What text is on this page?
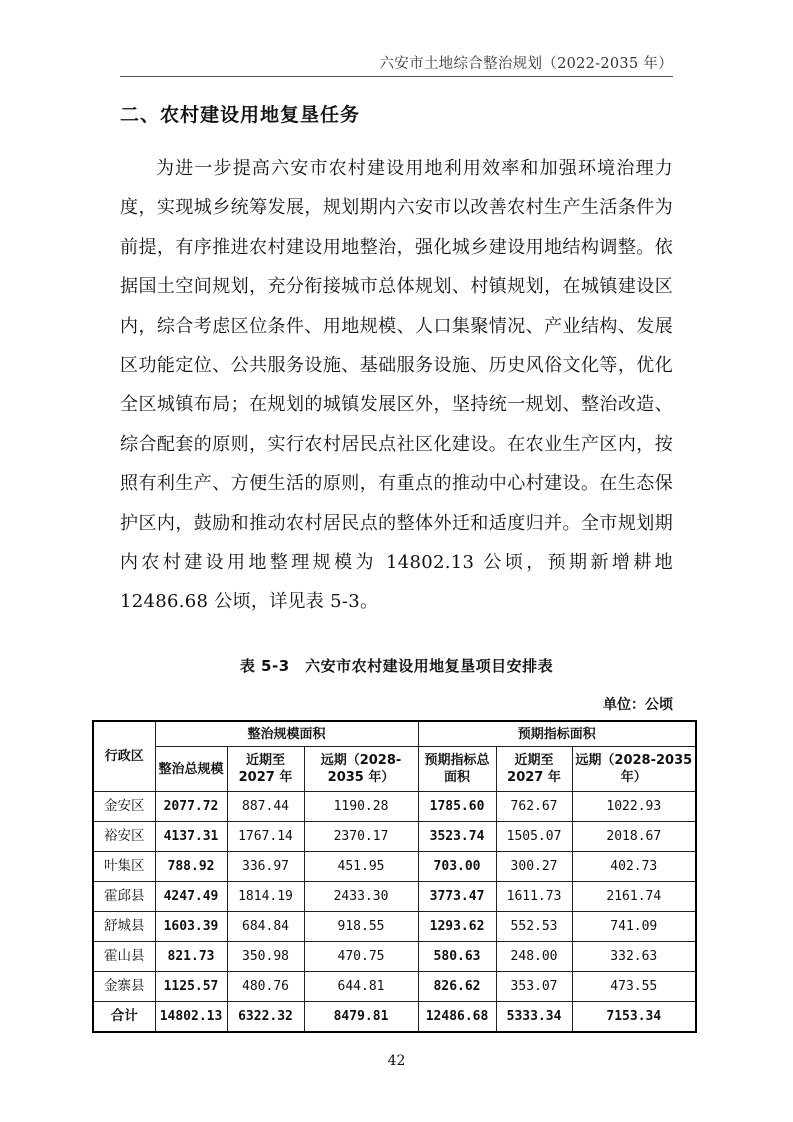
六安市土地综合整治规划（2022-2035 年）
二、农村建设用地复垦任务

为进一步提高六安市农村建设用地利用效率和加强环境治理力度，实现城乡统筹发展，规划期内六安市以改善农村生产生活条件为前提，有序推进农村建设用地整治，强化城乡建设用地结构调整。依据国土空间规划，充分衔接城市总体规划、村镇规划，在城镇建设区内，综合考虑区位条件、用地规模、人口集聚情况、产业结构、发展区功能定位、公共服务设施、基础服务设施、历史风俗文化等，优化全区城镇布局；在规划的城镇发展区外，坚持统一规划、整治改造、综合配套的原则，实行农村居民点社区化建设。在农业生产区内，按照有利生产、方便生活的原则，有重点的推动中心村建设。在生态保护区内，鼓励和推动农村居民点的整体外迁和适度归并。全市规划期内农村建设用地整理规模为 14802.13 公顷，预期新增耕地 12486.68 公顷，详见表 5-3。

表 5-3　六安市农村建设用地复垦项目安排表
单位：公顷
行政区	整治规模面积			预期指标面积		
	整治总规模	近期至 2027 年	远期（2028-2035 年）	预期指标总面积	近期至 2027 年	远期（2028-2035 年）
金安区	2077.72	887.44	1190.28	1785.60	762.67	1022.93
裕安区	4137.31	1767.14	2370.17	3523.74	1505.07	2018.67
叶集区	788.92	336.97	451.95	703.00	300.27	402.73
霍邱县	4247.49	1814.19	2433.30	3773.47	1611.73	2161.74
舒城县	1603.39	684.84	918.55	1293.62	552.53	741.09
霍山县	821.73	350.98	470.75	580.63	248.00	332.63
金寨县	1125.57	480.76	644.81	826.62	353.07	473.55
合计	14802.13	6322.32	8479.81	12486.68	5333.34	7153.34
42
